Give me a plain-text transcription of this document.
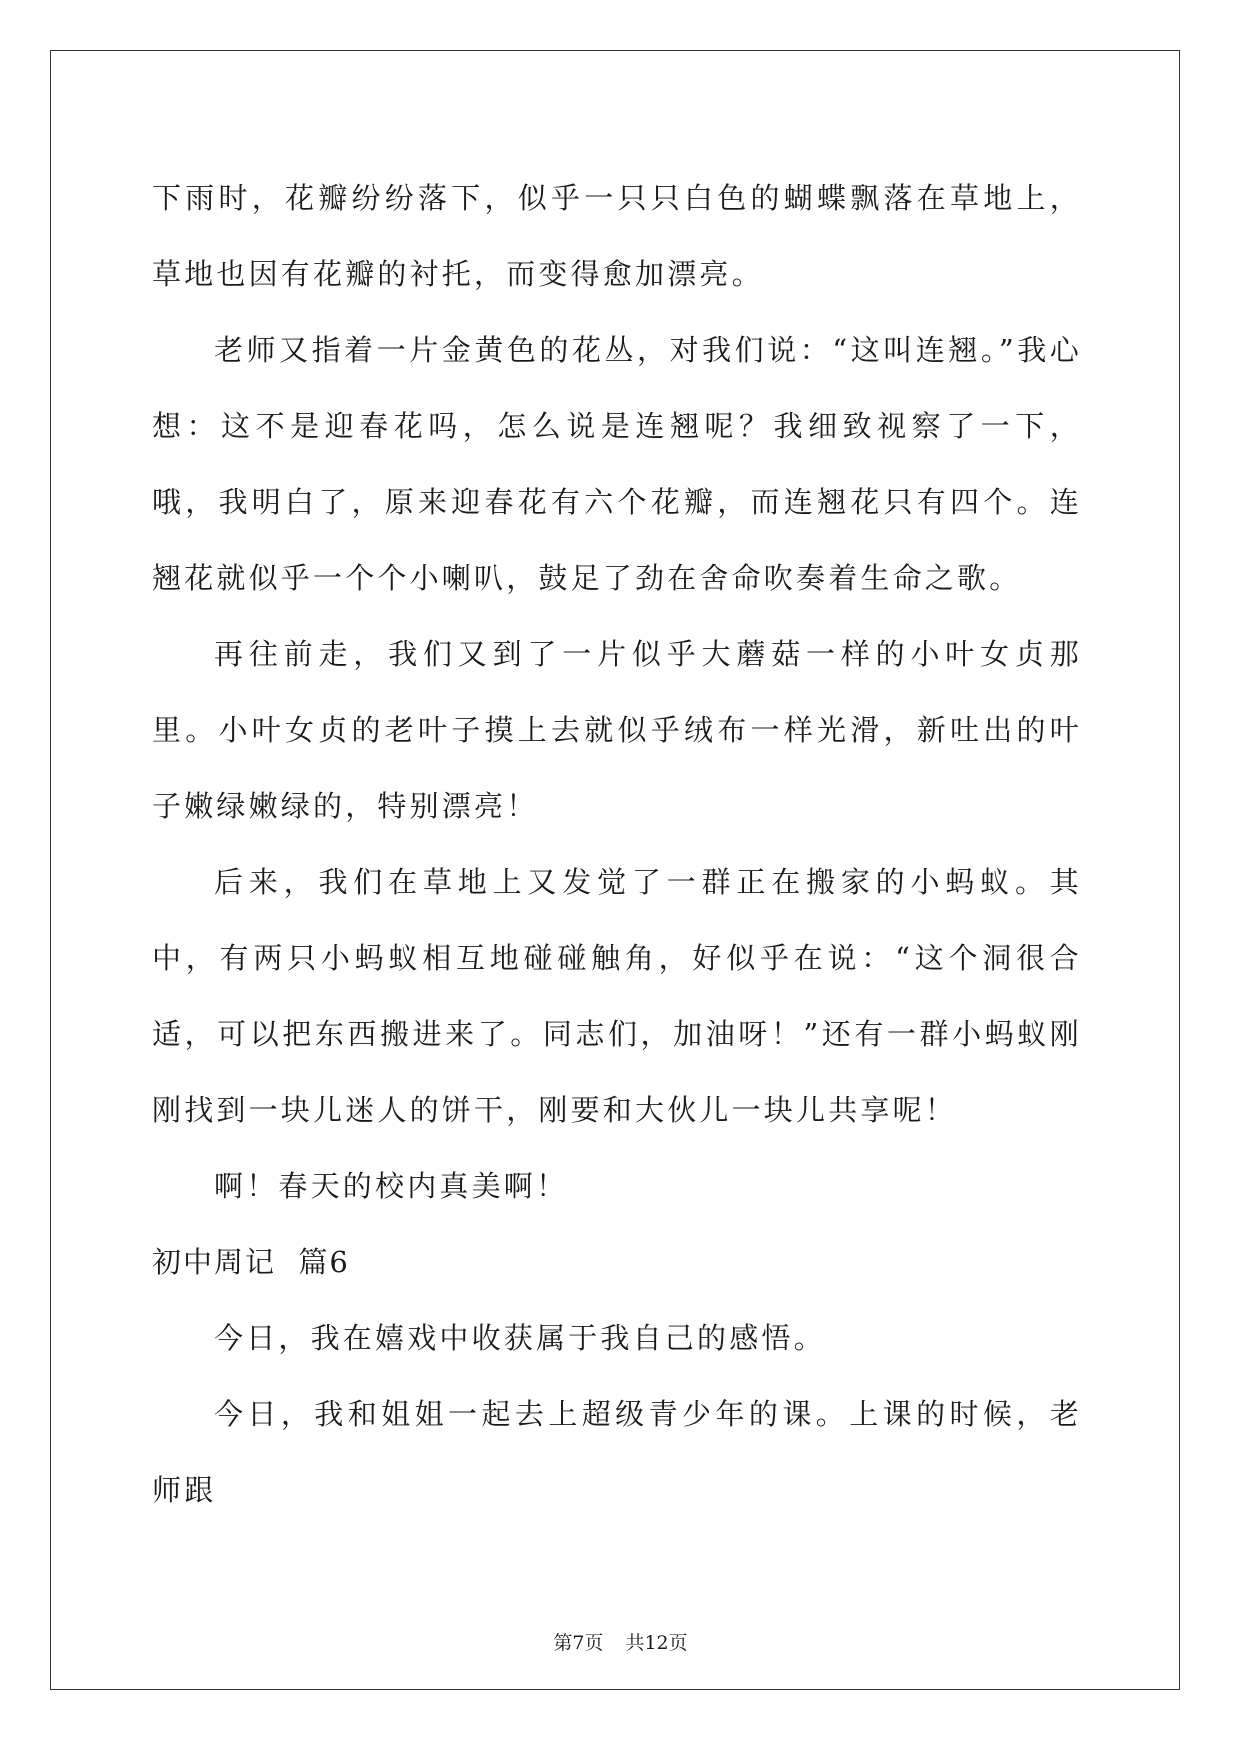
下雨时，花瓣纷纷落下，似乎一只只白色的蝴蝶飘落在草地上，草地也因有花瓣的衬托，而变得愈加漂亮。

老师又指着一片金黄色的花丛，对我们说：“这叫连翘。”我心想：这不是迎春花吗，怎么说是连翘呢？我细致视察了一下，哦，我明白了，原来迎春花有六个花瓣，而连翘花只有四个。连翘花就似乎一个个小喇叭，鼓足了劲在舍命吹奏着生命之歌。

再往前走，我们又到了一片似乎大蘑菇一样的小叶女贞那里。小叶女贞的老叶子摸上去就似乎绒布一样光滑，新吐出的叶子嫩绿嫩绿的，特别漂亮！

后来，我们在草地上又发觉了一群正在搬家的小蚂蚁。其中，有两只小蚂蚁相互地碰碰触角，好似乎在说：“这个洞很合适，可以把东西搬进来了。同志们，加油呀！”还有一群小蚂蚁刚刚找到一块儿迷人的饼干，刚要和大伙儿一块儿共享呢！

啊！春天的校内真美啊！

初中周记  篇6

今日，我在嬉戏中收获属于我自己的感悟。

今日，我和姐姐一起去上超级青少年的课。上课的时候，老师跟

第7页 共12页
